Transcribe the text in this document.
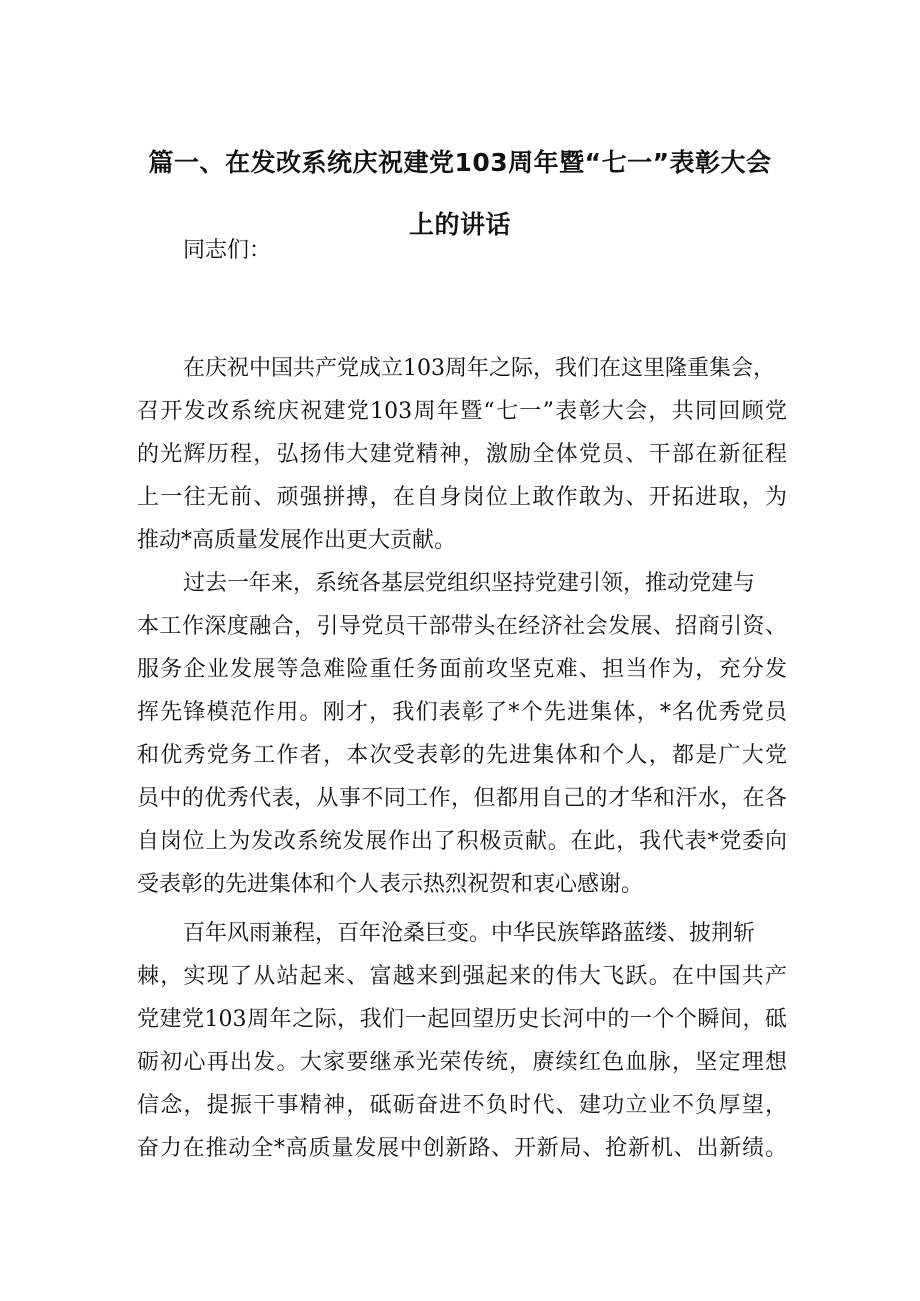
篇一、在发改系统庆祝建党103周年暨“七一”表彰大会
上的讲话

同志们：

在庆祝中国共产党成立103周年之际，我们在这里隆重集会，

召开发改系统庆祝建党103周年暨“七一”表彰大会，共同回顾党

的光辉历程，弘扬伟大建党精神，激励全体党员、干部在新征程

上一往无前、顽强拼搏，在自身岗位上敢作敢为、开拓进取，为

推动*高质量发展作出更大贡献。

过去一年来，系统各基层党组织坚持党建引领，推动党建与

本工作深度融合，引导党员干部带头在经济社会发展、招商引资、

服务企业发展等急难险重任务面前攻坚克难、担当作为，充分发

挥先锋模范作用。刚才，我们表彰了*个先进集体，*名优秀党员

和优秀党务工作者，本次受表彰的先进集体和个人，都是广大党

员中的优秀代表，从事不同工作，但都用自己的才华和汗水，在各

自岗位上为发改系统发展作出了积极贡献。在此，我代表*党委向

受表彰的先进集体和个人表示热烈祝贺和衷心感谢。

百年风雨兼程，百年沧桑巨变。中华民族筚路蓝缕、披荆斩

棘，实现了从站起来、富越来到强起来的伟大飞跃。在中国共产

党建党103周年之际，我们一起回望历史长河中的一个个瞬间，砥

砺初心再出发。大家要继承光荣传统，赓续红色血脉，坚定理想

信念，提振干事精神，砥砺奋进不负时代、建功立业不负厚望，

奋力在推动全*高质量发展中创新路、开新局、抢新机、出新绩。
